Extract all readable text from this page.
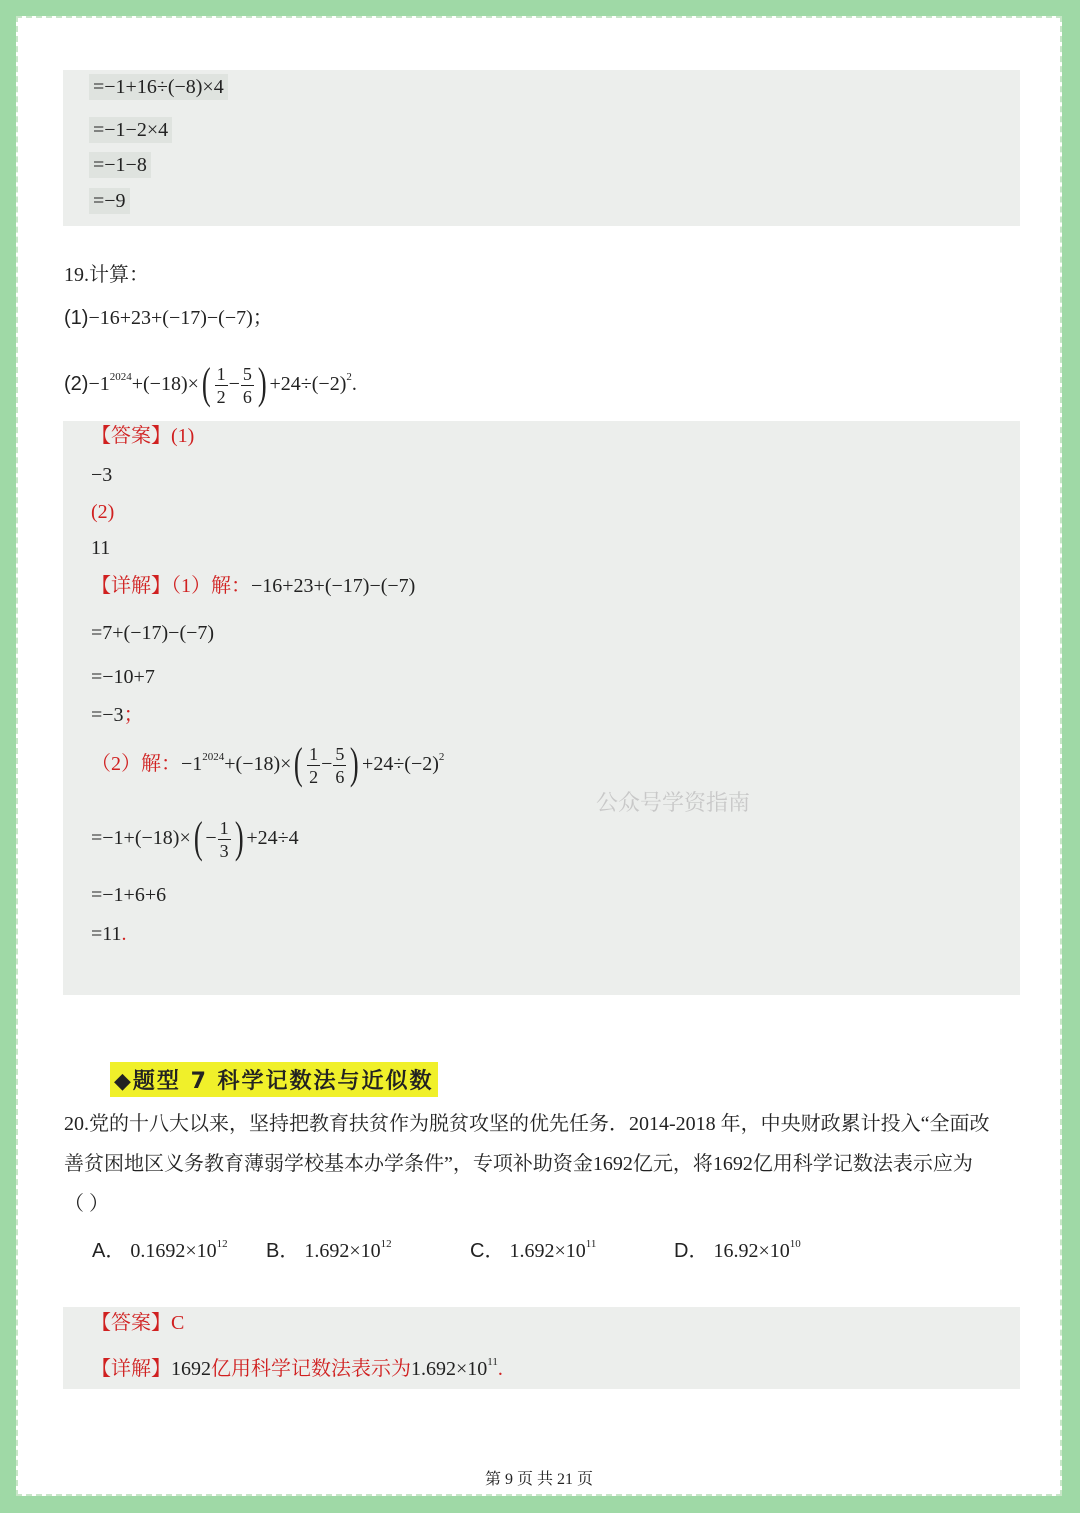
=−1+16÷(−8)×4
=−1−2×4
=−1−8
=−9
19.计算：
(1)−16+23+(−17)−(−7)；
$(2)-1^{2024}+(-18)\times( \frac{1}{2} - \frac{5}{6}$ ) $+24\div(-2)^2$.
【答案】(1)
−3
(2)
11
【详解】（1）解：−16+23+(−17)−(−7)
=7+(−17)−(−7)
=−10+7
=−3；
（2）解：$-1^{2024}+(-18)\times( \frac{1}{2} - \frac{5}{6}$ ) $+24\div(-2)^2$
$=-1+(-18)\times( - \frac{1}{3}$ ) +24÷4
=−1+6+6
=11.
公众号学资指南
◆题型 7 科学记数法与近似数
20.党的十八大以来，坚持把教育扶贫作为脱贫攻坚的优先任务．2014-2018 年，中央财政累计投入“全面改
善贫困地区义务教育薄弱学校基本办学条件”，专项补助资金1692亿元，将1692亿用科学记数法表示应为
（ ）
A． $0.1692\times 10^{12}$ B． $1.692\times 10^{12}$	C． $1.692\times 10^{11}$	D． $16.92\times 10^{10}$
【答案】C
【详解】1692亿用科学记数法表示为$1.692\times 10^{11}$.
第 9 页 共 21 页
